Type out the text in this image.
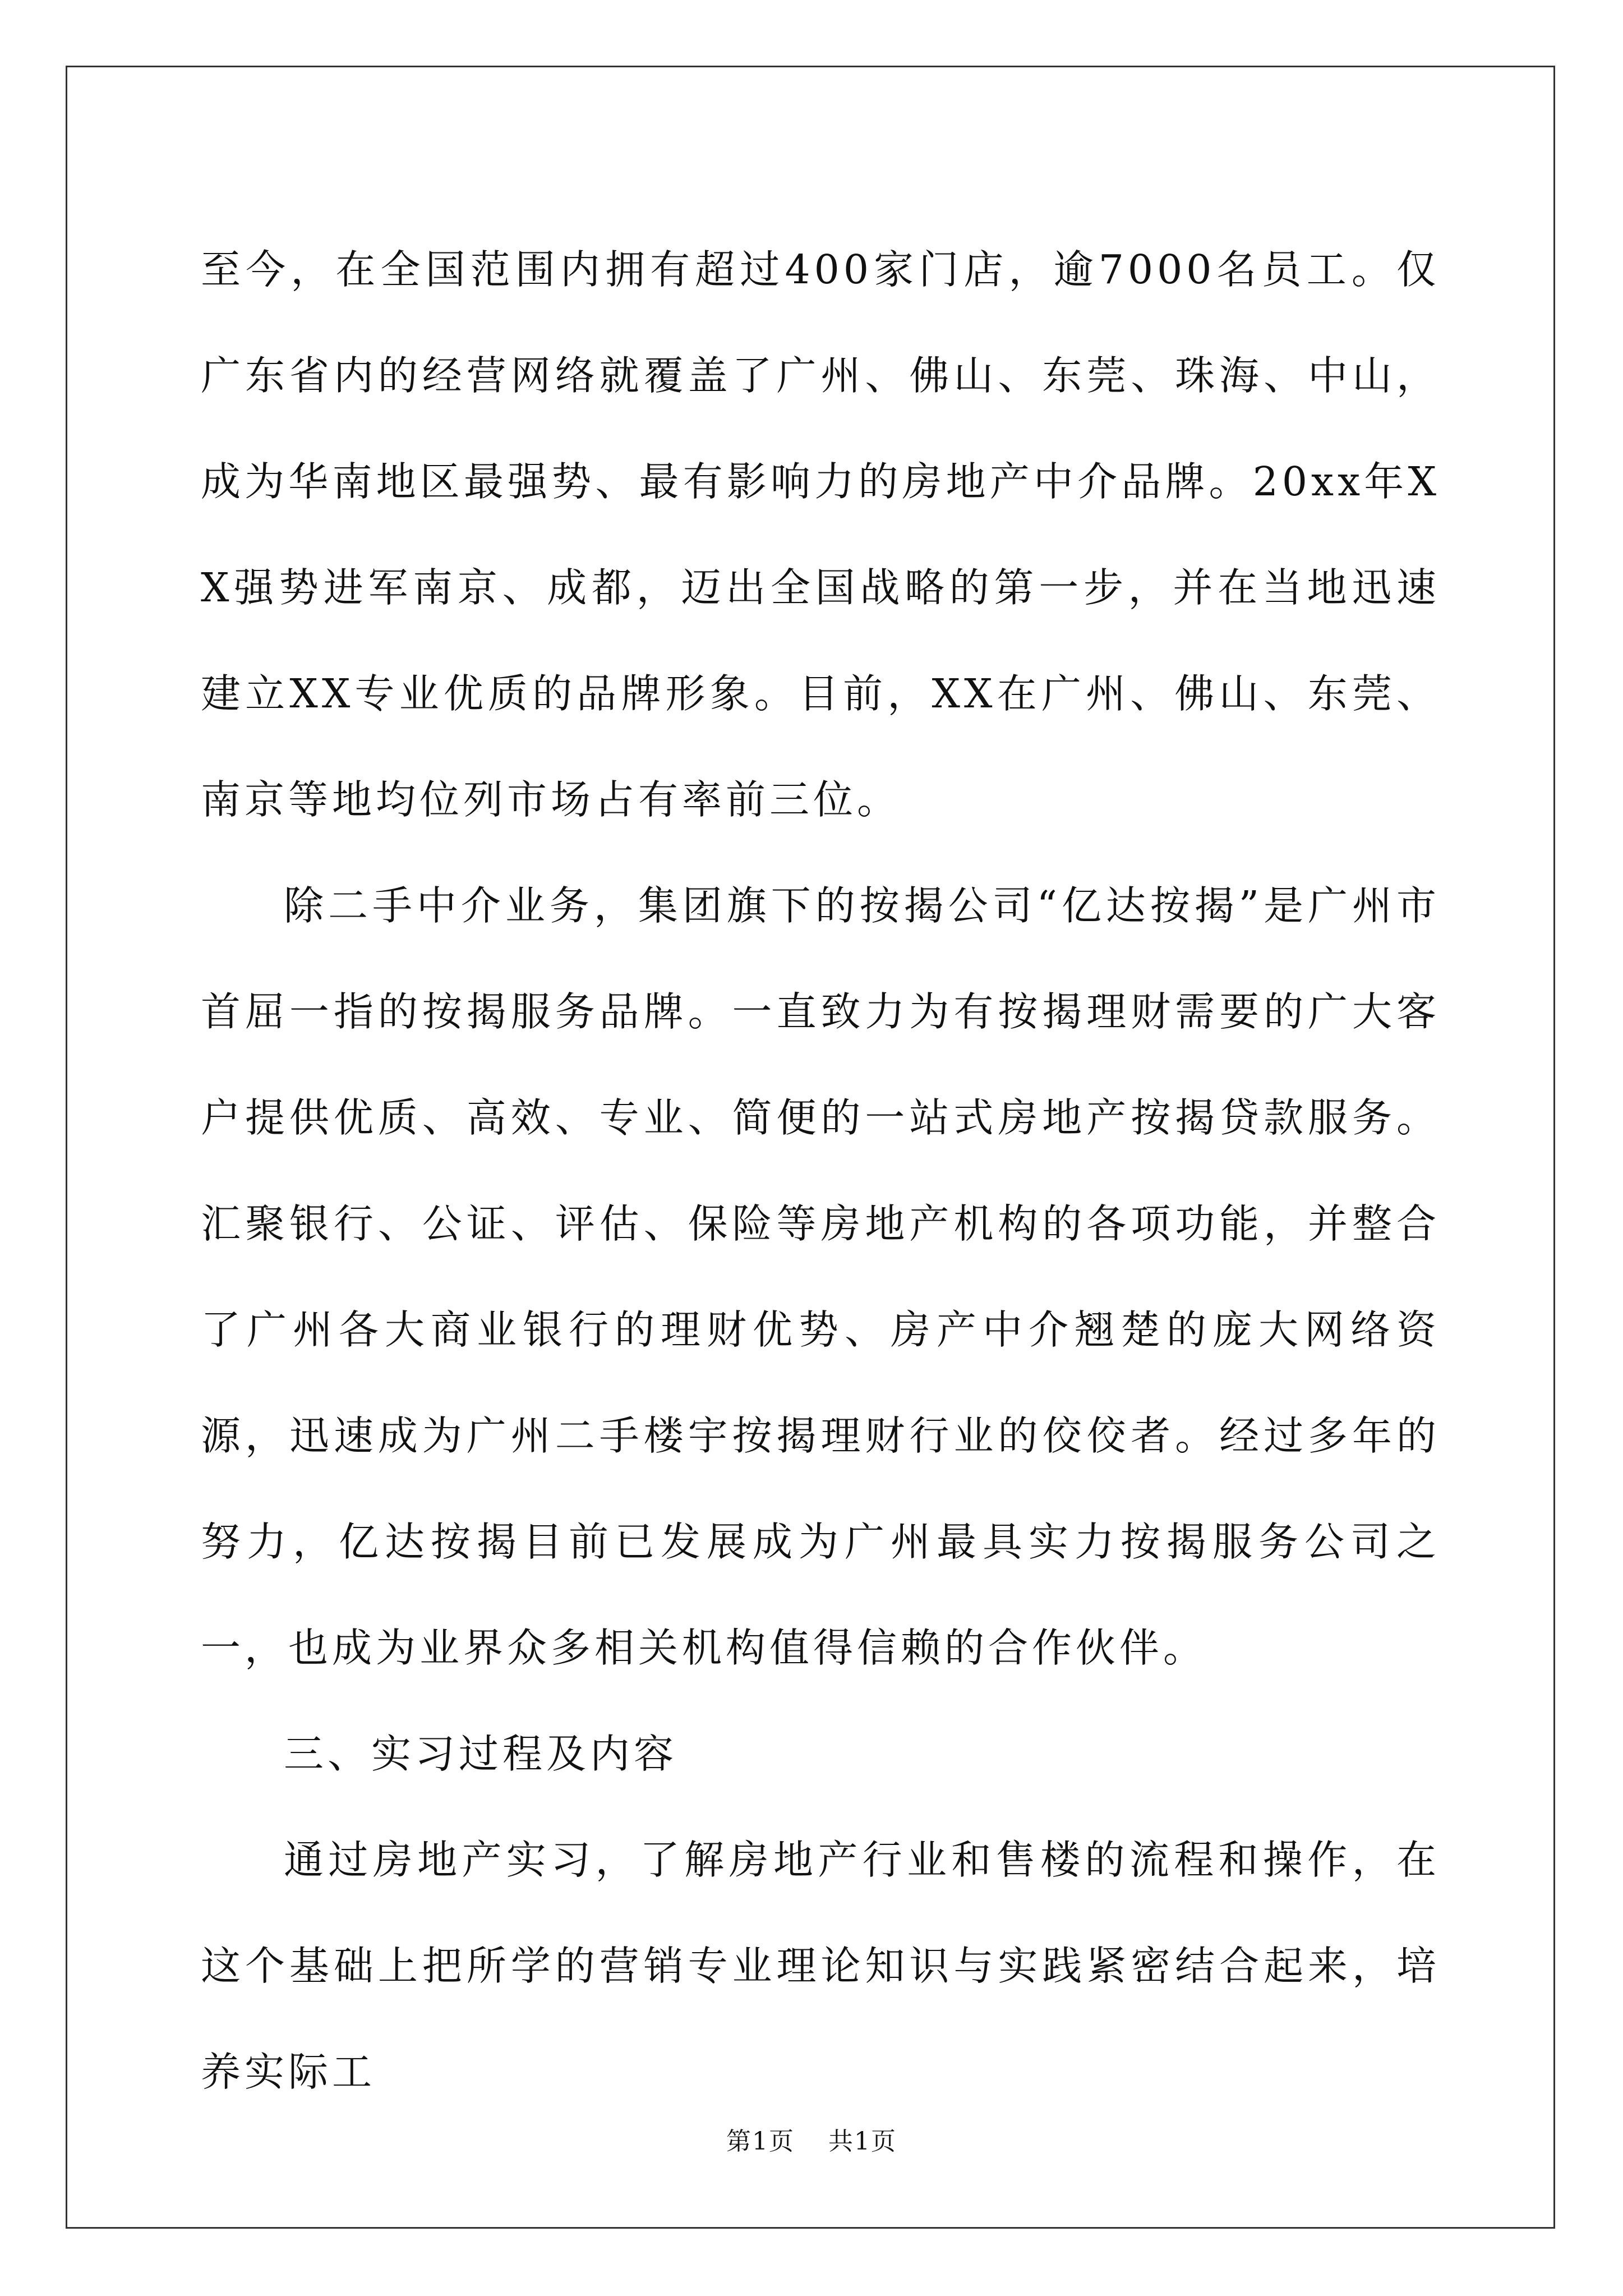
至今，在全国范围内拥有超过400家门店，逾7000名员工。仅广东省内的经营网络就覆盖了广州、佛山、东莞、珠海、中山，成为华南地区最强势、最有影响力的房地产中介品牌。20xx年XX强势进军南京、成都，迈出全国战略的第一步，并在当地迅速建立XX专业优质的品牌形象。目前，XX在广州、佛山、东莞、南京等地均位列市场占有率前三位。

除二手中介业务，集团旗下的按揭公司“亿达按揭”是广州市首屈一指的按揭服务品牌。一直致力为有按揭理财需要的广大客户提供优质、高效、专业、简便的一站式房地产按揭贷款服务。汇聚银行、公证、评估、保险等房地产机构的各项功能，并整合了广州各大商业银行的理财优势、房产中介翘楚的庞大网络资源，迅速成为广州二手楼宇按揭理财行业的佼佼者。经过多年的努力，亿达按揭目前已发展成为广州最具实力按揭服务公司之一，也成为业界众多相关机构值得信赖的合作伙伴。

三、实习过程及内容

通过房地产实习，了解房地产行业和售楼的流程和操作，在这个基础上把所学的营销专业理论知识与实践紧密结合起来，培养实际工

第1页 共1页
